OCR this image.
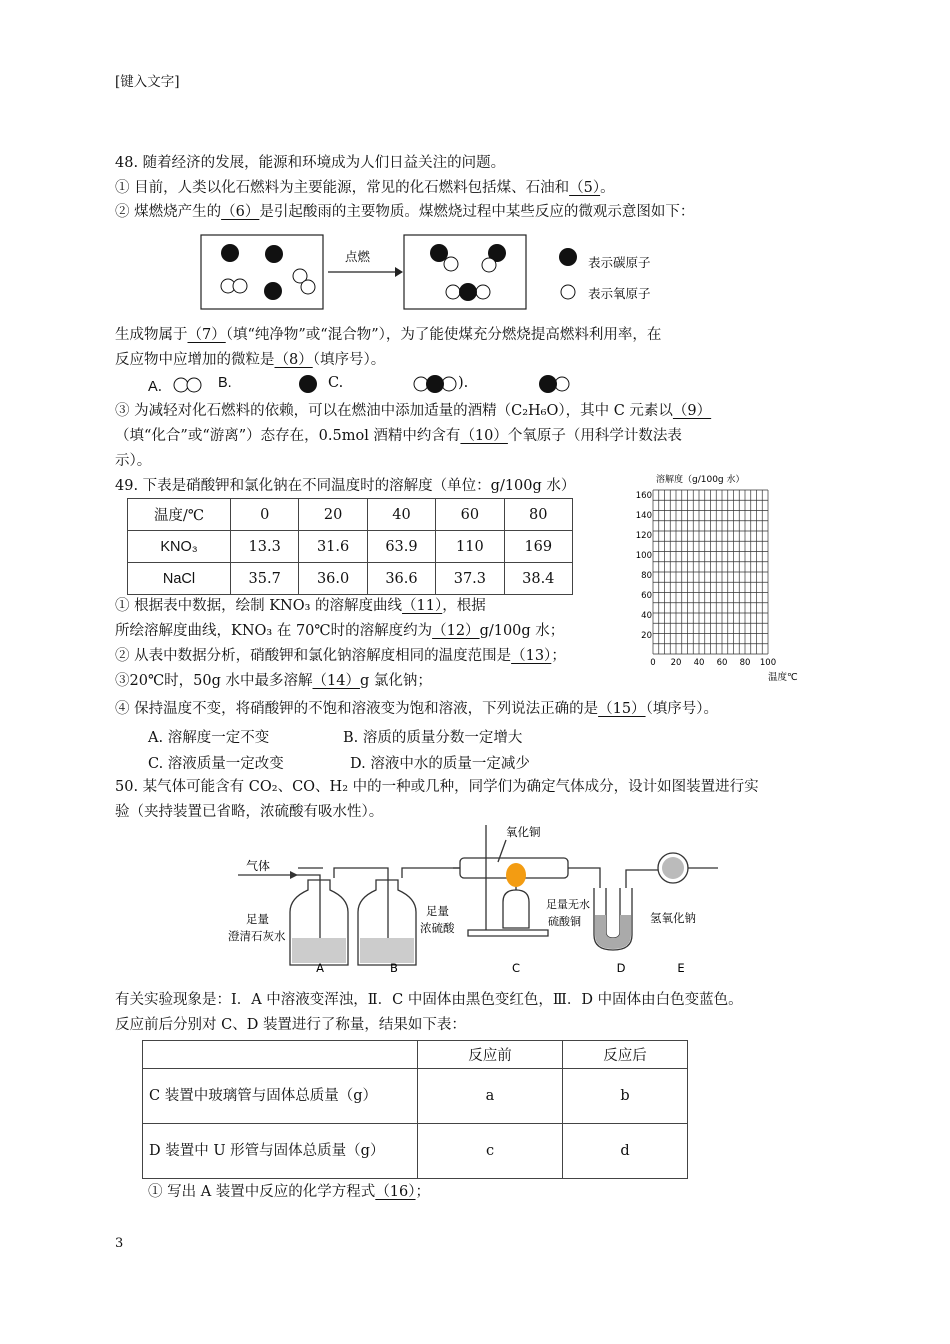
[键入文字]
48. 随着经济的发展，能源和环境成为人们日益关注的问题。
① 目前，人类以化石燃料为主要能源，常见的化石燃料包括煤、石油和（5）。
② 煤燃烧产生的（6）是引起酸雨的主要物质。煤燃烧过程中某些反应的微观示意图如下：
点燃	表示碳原子
表示氧原子
生成物属于（7）（填“纯净物”或“混合物”），为了能使煤充分燃烧提高燃料利用率，在
反应物中应增加的微粒是（8）（填序号）。
A．	B.	C.	).
③ 为减轻对化石燃料的依赖，可以在燃油中添加适量的酒精（C₂H₆O），其中 C 元素以（9）
（填“化合”或“游离”）态存在，0.5mol 酒精中约含有（10）个氧原子（用科学计数法表
示）。
49. 下表是硝酸钾和氯化钠在不同温度时的溶解度（单位：g/100g 水）
温度/℃	0	20	40	60	80
KNO₃	13.3	31.6	63.9	110	169
NaCl	35.7	36.0	36.6	37.3	38.4
溶解度（g/100g 水）
160
140
120
100
80
60
40
20
0 20 40 60 80 100
温度℃
① 根据表中数据，绘制 KNO₃ 的溶解度曲线（11），根据
所绘溶解度曲线，KNO₃ 在 70℃时的溶解度约为（12）g/100g 水；
② 从表中数据分析，硝酸钾和氯化钠溶解度相同的温度范围是（13）；
③20℃时，50g 水中最多溶解（14）g 氯化钠；
④ 保持温度不变，将硝酸钾的不饱和溶液变为饱和溶液，下列说法正确的是（15）（填序号）。
A. 溶解度一定不变	B. 溶质的质量分数一定增大
C. 溶液质量一定改变	D. 溶液中水的质量一定减少
50. 某气体可能含有 CO₂、CO、H₂ 中的一种或几种，同学们为确定气体成分，设计如图装置进行实
验（夹持装置已省略，浓硫酸有吸水性）。
气体
足量
澄清石灰水
足量
浓硫酸
氧化铜
足量无水
硫酸铜	氢氧化钠
A	B	C	D	E
有关实验现象是：Ⅰ．A 中溶液变浑浊，Ⅱ．C 中固体由黑色变红色，Ⅲ．D 中固体由白色变蓝色。
反应前后分别对 C、D 装置进行了称量，结果如下表：
	反应前	反应后
C 装置中玻璃管与固体总质量（g）	a	b
D 装置中 U 形管与固体总质量（g）	c	d
① 写出 A 装置中反应的化学方程式（16）；
3
